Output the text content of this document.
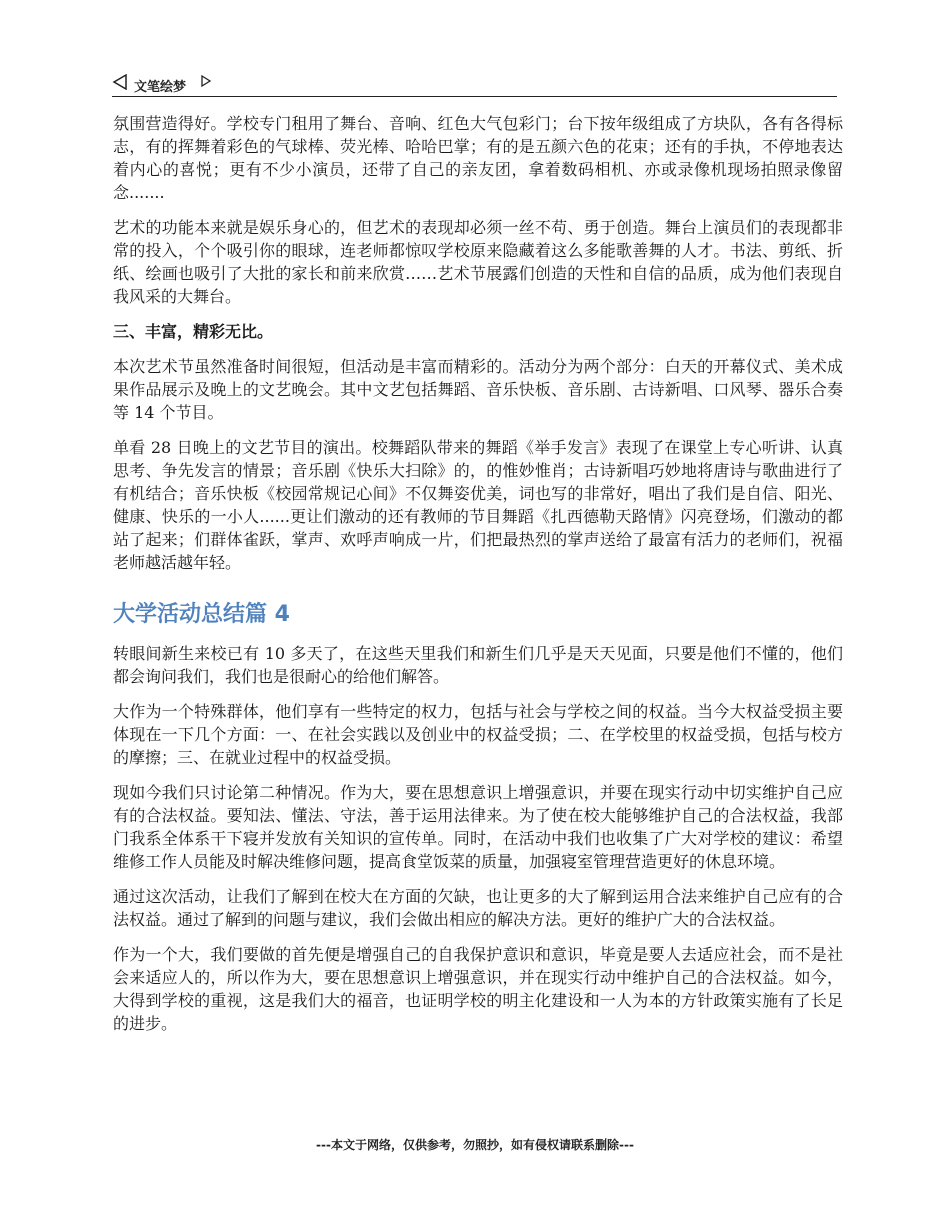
文笔绘梦

氛围营造得好。学校专门租用了舞台、音响、红色大气包彩门；台下按年级组成了方块队，各有各得标志，有的挥舞着彩色的气球棒、荧光棒、哈哈巴掌；有的是五颜六色的花束；还有的手执，不停地表达着内心的喜悦；更有不少小演员，还带了自己的亲友团，拿着数码相机、亦或录像机现场拍照录像留念.......

艺术的功能本来就是娱乐身心的，但艺术的表现却必须一丝不苟、勇于创造。舞台上演员们的表现都非常的投入，个个吸引你的眼球，连老师都惊叹学校原来隐藏着这么多能歌善舞的人才。书法、剪纸、折纸、绘画也吸引了大批的家长和前来欣赏……艺术节展露们创造的天性和自信的品质，成为他们表现自我风采的大舞台。

三、丰富，精彩无比。

本次艺术节虽然准备时间很短，但活动是丰富而精彩的。活动分为两个部分：白天的开幕仪式、美术成果作品展示及晚上的文艺晚会。其中文艺包括舞蹈、音乐快板、音乐剧、古诗新唱、口风琴、器乐合奏等 14 个节目。

单看 28 日晚上的文艺节目的演出。校舞蹈队带来的舞蹈《举手发言》表现了在课堂上专心听讲、认真思考、争先发言的情景；音乐剧《快乐大扫除》的，的惟妙惟肖；古诗新唱巧妙地将唐诗与歌曲进行了有机结合；音乐快板《校园常规记心间》不仅舞姿优美，词也写的非常好，唱出了我们是自信、阳光、健康、快乐的一小人......更让们激动的还有教师的节目舞蹈《扎西德勒天路情》闪亮登场，们激动的都站了起来；们群体雀跃，掌声、欢呼声响成一片，们把最热烈的掌声送给了最富有活力的老师们，祝福老师越活越年轻。

大学活动总结篇 4

转眼间新生来校已有 10 多天了，在这些天里我们和新生们几乎是天天见面，只要是他们不懂的，他们都会询问我们，我们也是很耐心的给他们解答。

大作为一个特殊群体，他们享有一些特定的权力，包括与社会与学校之间的权益。当今大权益受损主要体现在一下几个方面：一、在社会实践以及创业中的权益受损；二、在学校里的权益受损，包括与校方的摩擦；三、在就业过程中的权益受损。

现如今我们只讨论第二种情况。作为大，要在思想意识上增强意识，并要在现实行动中切实维护自己应有的合法权益。要知法、懂法、守法，善于运用法律来。为了使在校大能够维护自己的合法权益，我部门我系全体系干下寝并发放有关知识的宣传单。同时，在活动中我们也收集了广大对学校的建议：希望维修工作人员能及时解决维修问题，提高食堂饭菜的质量，加强寝室管理营造更好的休息环境。

通过这次活动，让我们了解到在校大在方面的欠缺，也让更多的大了解到运用合法来维护自己应有的合法权益。通过了解到的问题与建议，我们会做出相应的解决方法。更好的维护广大的合法权益。

作为一个大，我们要做的首先便是增强自己的自我保护意识和意识，毕竟是要人去适应社会，而不是社会来适应人的，所以作为大，要在思想意识上增强意识，并在现实行动中维护自己的合法权益。如今，大得到学校的重视，这是我们大的福音，也证明学校的明主化建设和一人为本的方针政策实施有了长足的进步。

---本文于网络，仅供参考，勿照抄，如有侵权请联系删除---
